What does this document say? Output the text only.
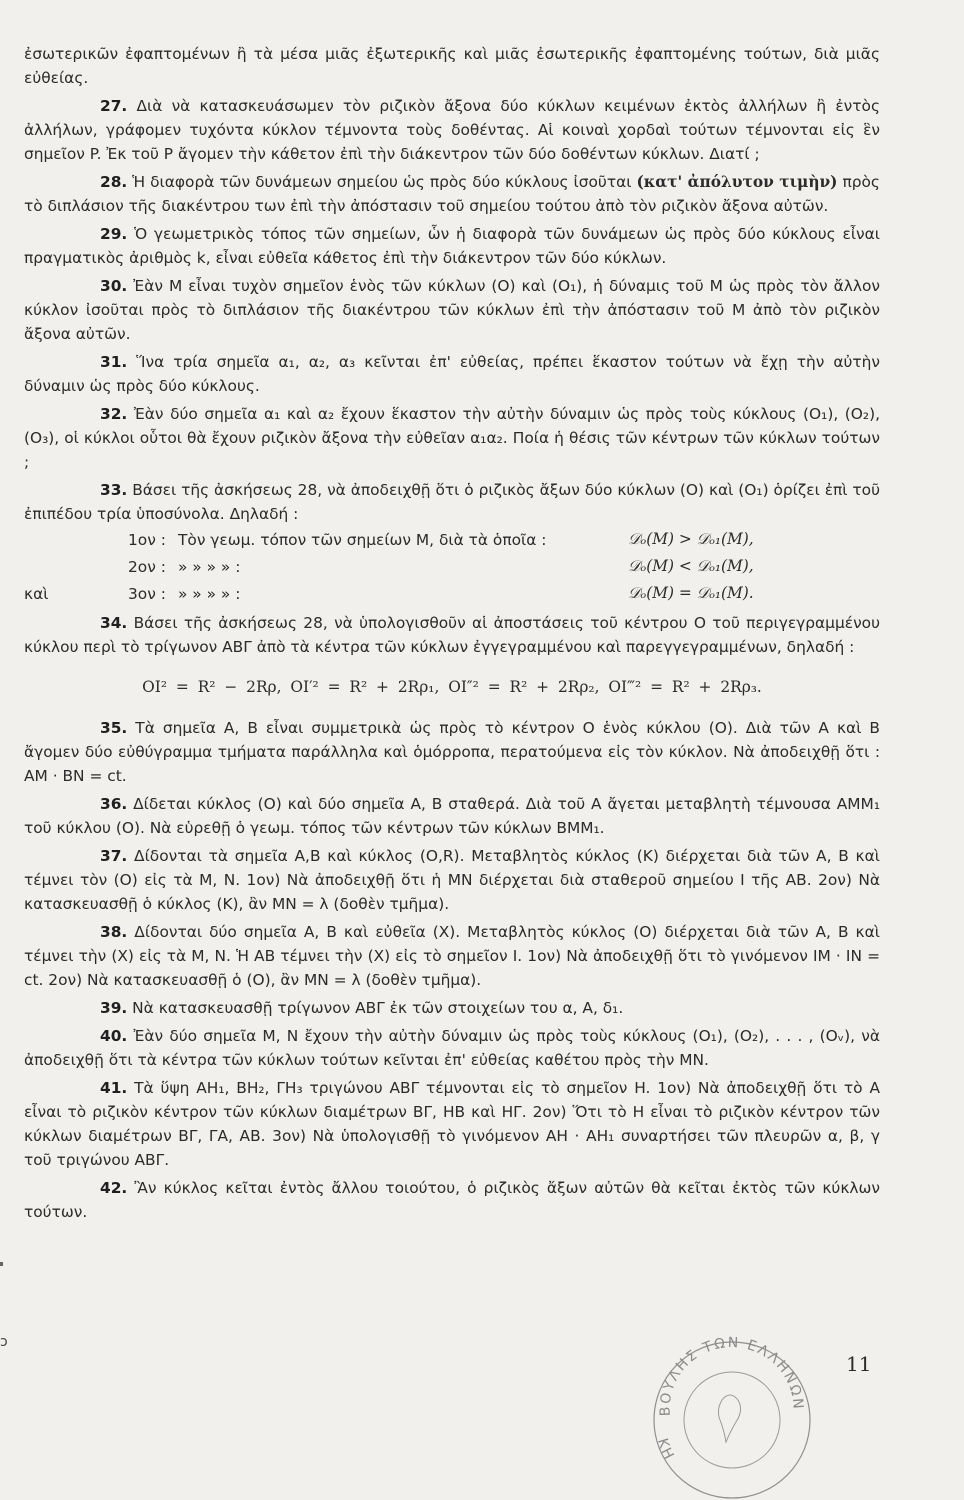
ἐσωτερικῶν ἐφαπτομένων ἢ τὰ μέσα μιᾶς ἐξωτερικῆς καὶ μιᾶς ἐσωτερικῆς ἐφαπτομένης τούτων, διὰ μιᾶς εὐθείας.

27. Διὰ νὰ κατασκευάσωμεν τὸν ριζικὸν ἄξονα δύο κύκλων κειμένων ἐκτὸς ἀλλήλων ἢ ἐντὸς ἀλλήλων, γράφομεν τυχόντα κύκλον τέμνοντα τοὺς δοθέντας. Αἱ κοιναὶ χορδαὶ τούτων τέμνονται εἰς ἓν σημεῖον P. Ἐκ τοῦ P ἄγομεν τὴν κάθετον ἐπὶ τὴν διάκεντρον τῶν δύο δοθέντων κύκλων. Διατί ;

28. Ἡ διαφορὰ τῶν δυνάμεων σημείου ὡς πρὸς δύο κύκλους ἰσοῦται (κατ' ἀπόλυτον τιμὴν) πρὸς τὸ διπλάσιον τῆς διακέντρου των ἐπὶ τὴν ἀπόστασιν τοῦ σημείου τούτου ἀπὸ τὸν ριζικὸν ἄξονα αὐτῶν.

29. Ὁ γεωμετρικὸς τόπος τῶν σημείων, ὧν ἡ διαφορὰ τῶν δυνάμεων ὡς πρὸς δύο κύκλους εἶναι πραγματικὸς ἀριθμὸς k, εἶναι εὐθεῖα κάθετος ἐπὶ τὴν διάκεντρον τῶν δύο κύκλων.

30. Ἐὰν M εἶναι τυχὸν σημεῖον ἑνὸς τῶν κύκλων (O) καὶ (O₁), ἡ δύναμις τοῦ M ὡς πρὸς τὸν ἄλλον κύκλον ἰσοῦται πρὸς τὸ διπλάσιον τῆς διακέντρου τῶν κύκλων ἐπὶ τὴν ἀπόστασιν τοῦ M ἀπὸ τὸν ριζικὸν ἄξονα αὐτῶν.

31. Ἵνα τρία σημεῖα α₁, α₂, α₃ κεῖνται ἐπ' εὐθείας, πρέπει ἕκαστον τούτων νὰ ἔχῃ τὴν αὐτὴν δύναμιν ὡς πρὸς δύο κύκλους.

32. Ἐὰν δύο σημεῖα α₁ καὶ α₂ ἔχουν ἕκαστον τὴν αὐτὴν δύναμιν ὡς πρὸς τοὺς κύκλους (O₁), (O₂), (O₃), οἱ κύκλοι οὗτοι θὰ ἔχουν ριζικὸν ἄξονα τὴν εὐθεῖαν α₁α₂. Ποία ἡ θέσις τῶν κέντρων τῶν κύκλων τούτων ;

33. Βάσει τῆς ἀσκήσεως 28, νὰ ἀποδειχθῇ ὅτι ὁ ριζικὸς ἄξων δύο κύκλων (O) καὶ (O₁) ὁρίζει ἐπὶ τοῦ ἐπιπέδου τρία ὑποσύνολα. Δηλαδή :

1ον : Τὸν γεωμ. τόπον τῶν σημείων M, διὰ τὰ ὁποῖα :	𝒟ₒ(M) > 𝒟ₒ₁(M),
2ον : » » » » :	𝒟ₒ(M) < 𝒟ₒ₁(M),
καὶ	3ον : » » » » :	𝒟ₒ(M) = 𝒟ₒ₁(M).

34. Βάσει τῆς ἀσκήσεως 28, νὰ ὑπολογισθοῦν αἱ ἀποστάσεις τοῦ κέντρου O τοῦ περιγεγραμμένου κύκλου περὶ τὸ τρίγωνον ΑΒΓ ἀπὸ τὰ κέντρα τῶν κύκλων ἐγγεγραμμένου καὶ παρεγγεγραμμένων, δηλαδή :

OI² = R² − 2Rρ, OI′² = R² + 2Rρ₁, OI″² = R² + 2Rρ₂, OI‴² = R² + 2Rρ₃.

35. Τὰ σημεῖα A, B εἶναι συμμετρικὰ ὡς πρὸς τὸ κέντρον O ἑνὸς κύκλου (O). Διὰ τῶν A καὶ B ἄγομεν δύο εὐθύγραμμα τμήματα παράλληλα καὶ ὁμόρροπα, περατούμενα εἰς τὸν κύκλον. Νὰ ἀποδειχθῇ ὅτι : AM · BN = ct.

36. Δίδεται κύκλος (O) καὶ δύο σημεῖα A, B σταθερά. Διὰ τοῦ A ἄγεται μεταβλητὴ τέμνουσα AMM₁ τοῦ κύκλου (O). Νὰ εὑρεθῇ ὁ γεωμ. τόπος τῶν κέντρων τῶν κύκλων BMM₁.

37. Δίδονται τὰ σημεῖα A,B καὶ κύκλος (O,R). Μεταβλητὸς κύκλος (K) διέρχεται διὰ τῶν A, B καὶ τέμνει τὸν (O) εἰς τὰ M, N. 1ον) Νὰ ἀποδειχθῇ ὅτι ἡ MN διέρχεται διὰ σταθεροῦ σημείου I τῆς AB. 2ον) Νὰ κατασκευασθῇ ὁ κύκλος (K), ἂν MN = λ (δοθὲν τμῆμα).

38. Δίδονται δύο σημεῖα A, B καὶ εὐθεῖα (X). Μεταβλητὸς κύκλος (O) διέρχεται διὰ τῶν A, B καὶ τέμνει τὴν (X) εἰς τὰ M, N. Ἡ AB τέμνει τὴν (X) εἰς τὸ σημεῖον I. 1ον) Νὰ ἀποδειχθῇ ὅτι τὸ γινόμενον IM · IN = ct. 2ον) Νὰ κατασκευασθῇ ὁ (O), ἂν MN = λ (δοθὲν τμῆμα).

39. Νὰ κατασκευασθῇ τρίγωνον ΑΒΓ ἐκ τῶν στοιχείων του α, A, δ₁.

40. Ἐὰν δύο σημεῖα M, N ἔχουν τὴν αὐτὴν δύναμιν ὡς πρὸς τοὺς κύκλους (O₁), (O₂), . . . , (Oᵥ), νὰ ἀποδειχθῇ ὅτι τὰ κέντρα τῶν κύκλων τούτων κεῖνται ἐπ' εὐθείας καθέτου πρὸς τὴν MN.

41. Τὰ ὕψη AH₁, BH₂, ΓH₃ τριγώνου ΑΒΓ τέμνονται εἰς τὸ σημεῖον H. 1ον) Νὰ ἀποδειχθῇ ὅτι τὸ A εἶναι τὸ ριζικὸν κέντρον τῶν κύκλων διαμέτρων ΒΓ, HB καὶ HΓ. 2ον) Ὅτι τὸ H εἶναι τὸ ριζικὸν κέντρον τῶν κύκλων διαμέτρων ΒΓ, ΓΑ, ΑΒ. 3ον) Νὰ ὑπολογισθῇ τὸ γινόμενον AH · AH₁ συναρτήσει τῶν πλευρῶν α, β, γ τοῦ τριγώνου ΑΒΓ.

42. Ἂν κύκλος κεῖται ἐντὸς ἄλλου τοιούτου, ὁ ριζικὸς ἄξων αὐτῶν θὰ κεῖται ἐκτὸς τῶν κύκλων τούτων.

ΒΟΥΛΗΣ ΤΩΝ ΕΛΛΗΝΩΝ
ΚΗ
11
ɔ
